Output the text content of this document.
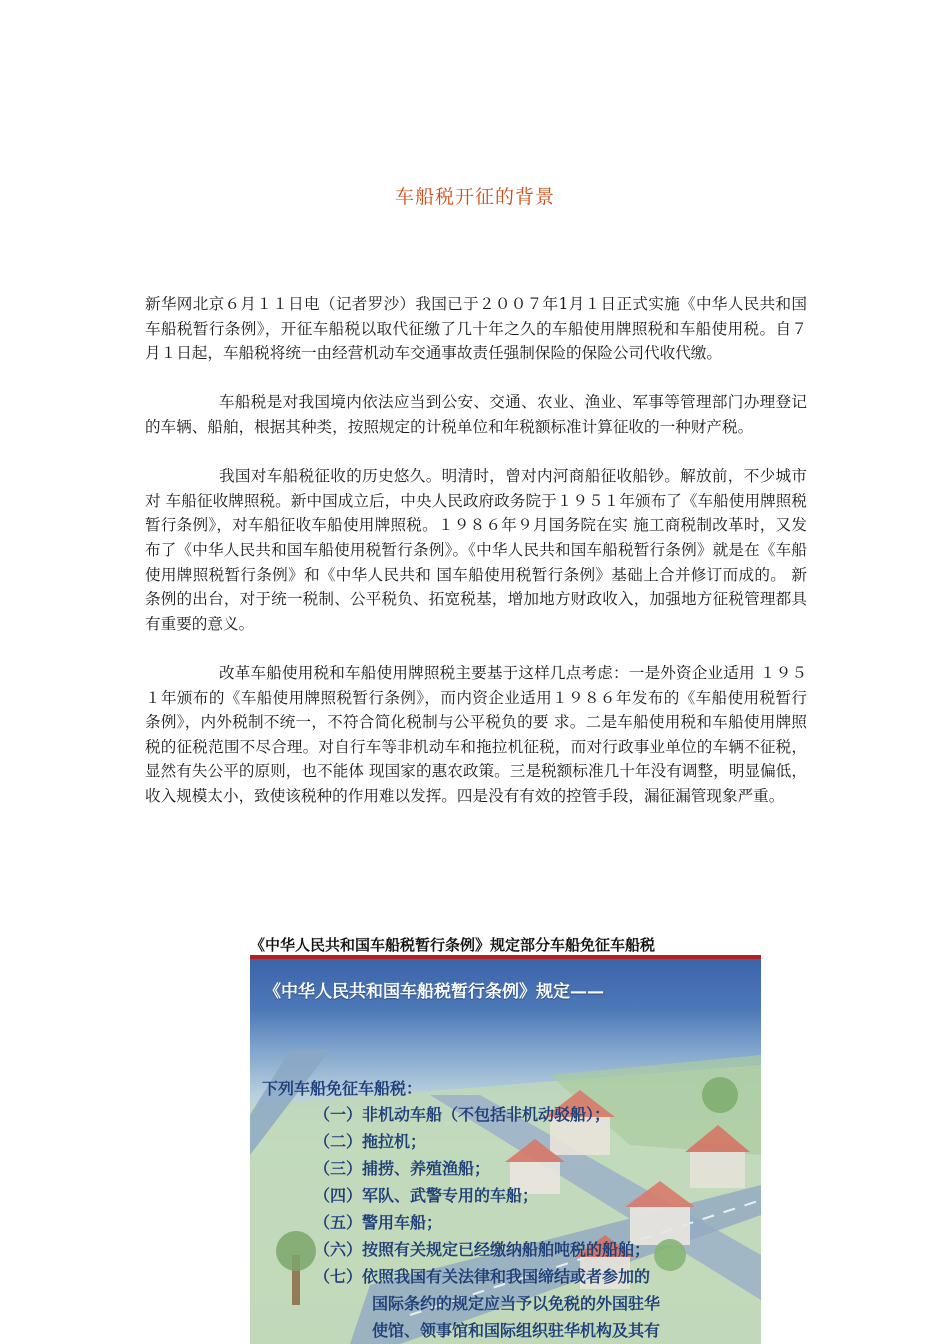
车船税开征的背景

新华网北京６月１１日电（记者罗沙）我国已于２００７年1月１日正式实施《中华人民共和国车船税暂行条例》，开征车船税以取代征缴了几十年之久的车船使用牌照税和车船使用税。自７月１日起，车船税将统一由经营机动车交通事故责任强制保险的保险公司代收代缴。

车船税是对我国境内依法应当到公安、交通、农业、渔业、军事等管理部门办理登记的车辆、船舶，根据其种类，按照规定的计税单位和年税额标准计算征收的一种财产税。

我国对车船税征收的历史悠久。明清时，曾对内河商船征收船钞。解放前，不少城市对 车船征收牌照税。新中国成立后，中央人民政府政务院于１９５１年颁布了《车船使用牌照税暂行条例》，对车船征收车船使用牌照税。１９８６年９月国务院在实 施工商税制改革时，又发布了《中华人民共和国车船使用税暂行条例》。《中华人民共和国车船税暂行条例》就是在《车船使用牌照税暂行条例》和《中华人民共和 国车船使用税暂行条例》基础上合并修订而成的。 新条例的出台，对于统一税制、公平税负、拓宽税基，增加地方财政收入，加强地方征税管理都具有重要的意义。

改革车船使用税和车船使用牌照税主要基于这样几点考虑：一是外资企业适用 １９５１年颁布的《车船使用牌照税暂行条例》，而内资企业适用１９８６年发布的《车船使用税暂行条例》，内外税制不统一，不符合简化税制与公平税负的要 求。二是车船使用税和车船使用牌照税的征税范围不尽合理。对自行车等非机动车和拖拉机征税，而对行政事业单位的车辆不征税，显然有失公平的原则，也不能体 现国家的惠农政策。三是税额标准几十年没有调整，明显偏低，收入规模太小，致使该税种的作用难以发挥。四是没有有效的控管手段，漏征漏管现象严重。

《中华人民共和国车船税暂行条例》规定部分车船免征车船税
《中华人民共和国车船税暂行条例》规定——
下列车船免征车船税：
（一）非机动车船（不包括非机动驳船）；
（二）拖拉机；
（三）捕捞、养殖渔船；
（四）军队、武警专用的车船；
（五）警用车船；
（六）按照有关规定已经缴纳船舶吨税的船舶；
（七）依照我国有关法律和我国缔结或者参加的
国际条约的规定应当予以免税的外国驻华
使馆、领事馆和国际组织驻华机构及其有
